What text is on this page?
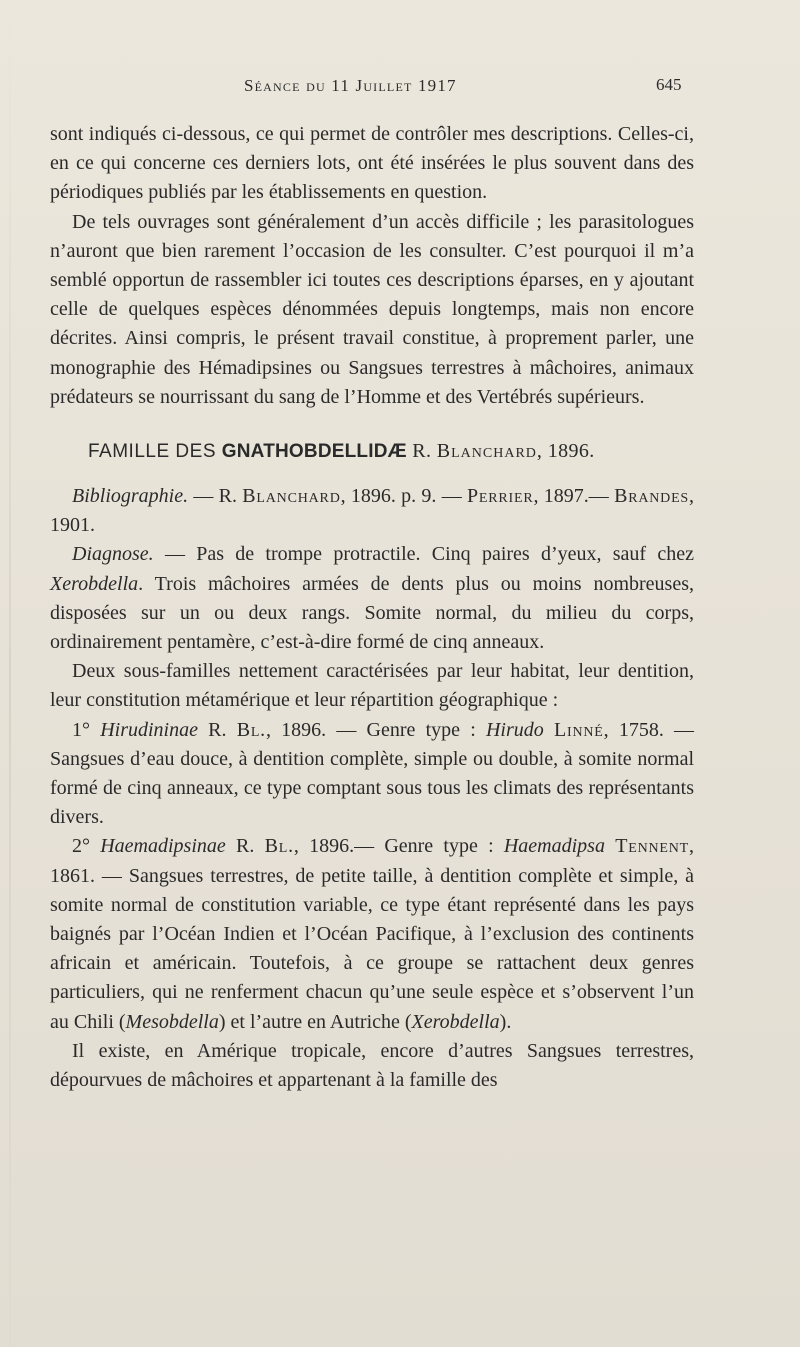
Séance du 11 Juillet 1917	645

sont indiqués ci-dessous, ce qui permet de contrôler mes descriptions. Celles-ci, en ce qui concerne ces derniers lots, ont été insérées le plus souvent dans des périodiques publiés par les établissements en question.

De tels ouvrages sont généralement d’un accès difficile ; les parasitologues n’auront que bien rarement l’occasion de les consulter. C’est pourquoi il m’a semblé opportun de rassembler ici toutes ces descriptions éparses, en y ajoutant celle de quelques espèces dénommées depuis longtemps, mais non encore décrites. Ainsi compris, le présent travail constitue, à proprement parler, une monographie des Hémadipsines ou Sangsues terrestres à mâchoires, animaux prédateurs se nourrissant du sang de l’Homme et des Vertébrés supérieurs.

FAMILLE DES GNATHOBDELLIDÆ R. Blanchard, 1896.

Bibliographie. — R. Blanchard, 1896. p. 9. — Perrier, 1897.— Brandes, 1901.

Diagnose. — Pas de trompe protractile. Cinq paires d’yeux, sauf chez Xerobdella. Trois mâchoires armées de dents plus ou moins nombreuses, disposées sur un ou deux rangs. Somite normal, du milieu du corps, ordinairement pentamère, c’est-à-dire formé de cinq anneaux.

Deux sous-familles nettement caractérisées par leur habitat, leur dentition, leur constitution métamérique et leur répartition géographique :

1° Hirudininae R. Bl., 1896. — Genre type : Hirudo Linné, 1758. — Sangsues d’eau douce, à dentition complète, simple ou double, à somite normal formé de cinq anneaux, ce type comptant sous tous les climats des représentants divers.

2° Haemadipsinae R. Bl., 1896.— Genre type : Haemadipsa Tennent, 1861. — Sangsues terrestres, de petite taille, à dentition complète et simple, à somite normal de constitution variable, ce type étant représenté dans les pays baignés par l’Océan Indien et l’Océan Pacifique, à l’exclusion des continents africain et américain. Toutefois, à ce groupe se rattachent deux genres particuliers, qui ne renferment chacun qu’une seule espèce et s’observent l’un au Chili (Mesobdella) et l’autre en Autriche (Xerobdella).

Il existe, en Amérique tropicale, encore d’autres Sangsues terrestres, dépourvues de mâchoires et appartenant à la famille des
